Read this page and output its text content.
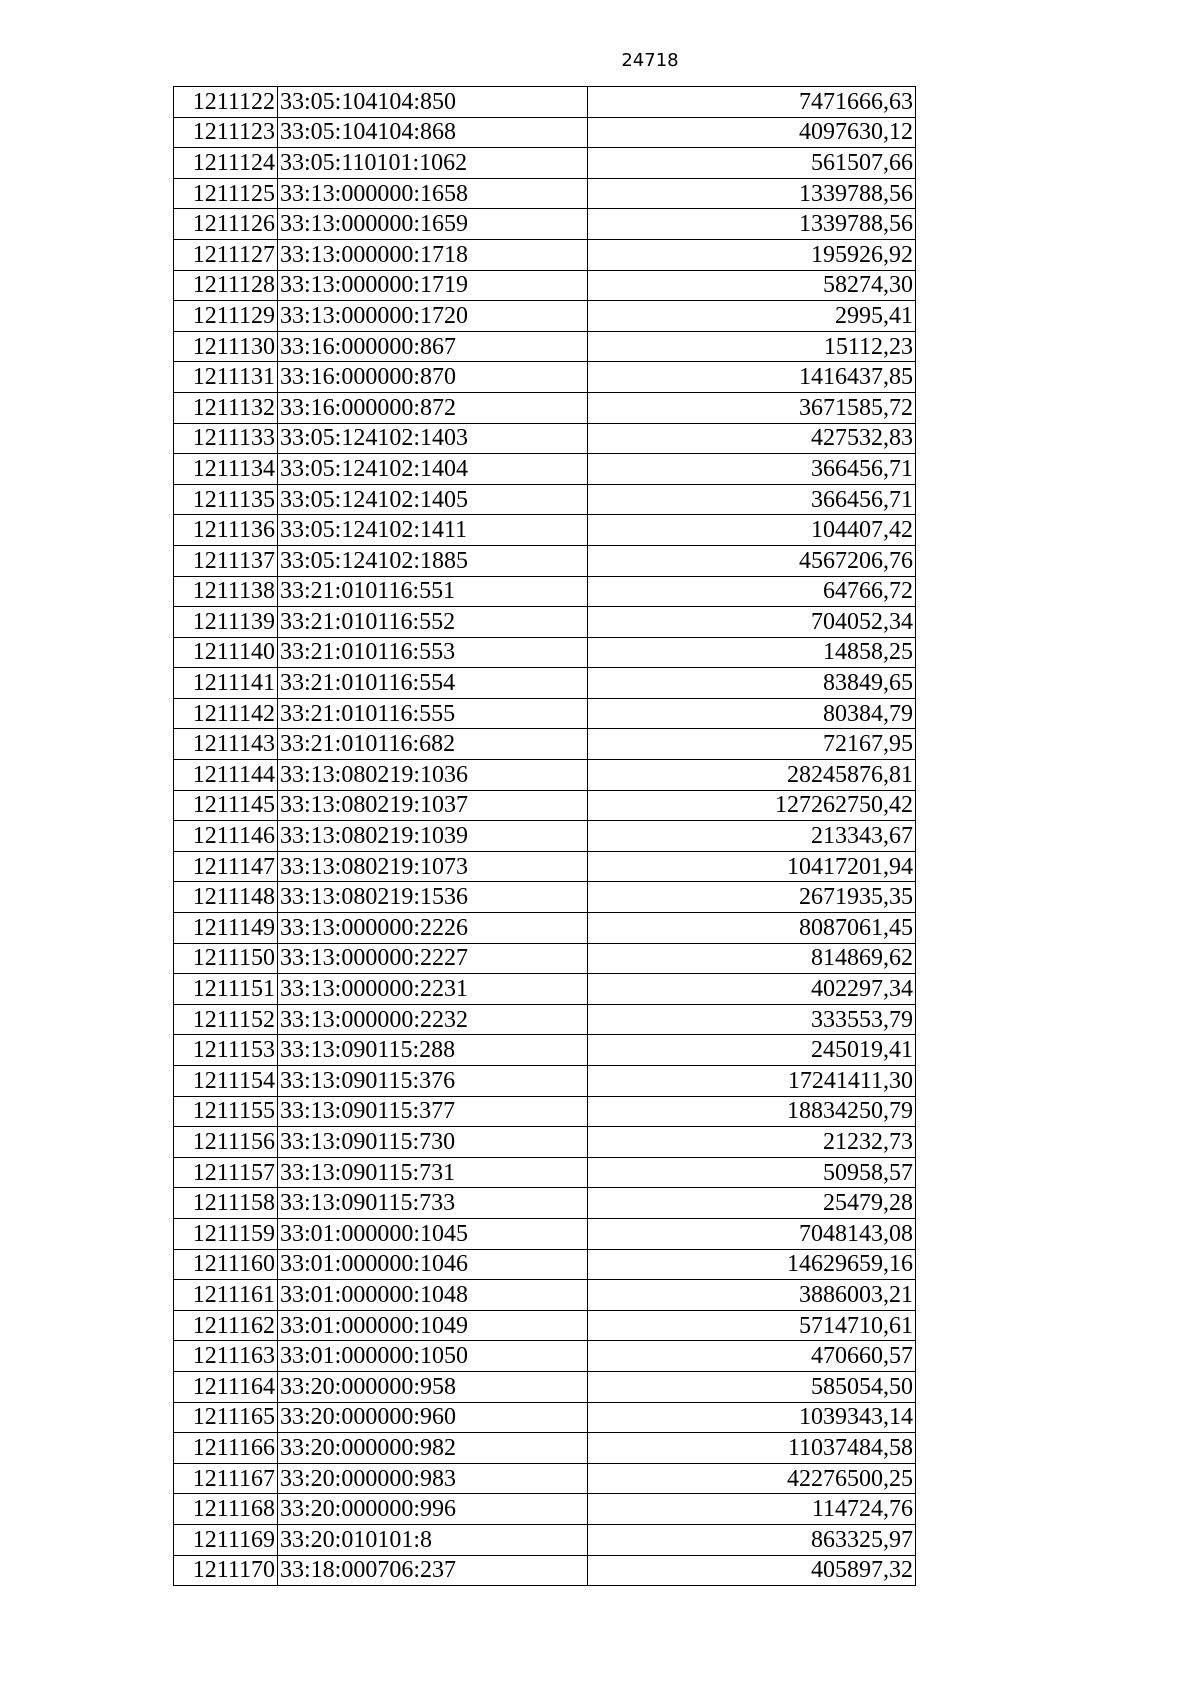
24718
1211122	33:05:104104:850	7471666,63
1211123	33:05:104104:868	4097630,12
1211124	33:05:110101:1062	561507,66
1211125	33:13:000000:1658	1339788,56
1211126	33:13:000000:1659	1339788,56
1211127	33:13:000000:1718	195926,92
1211128	33:13:000000:1719	58274,30
1211129	33:13:000000:1720	2995,41
1211130	33:16:000000:867	15112,23
1211131	33:16:000000:870	1416437,85
1211132	33:16:000000:872	3671585,72
1211133	33:05:124102:1403	427532,83
1211134	33:05:124102:1404	366456,71
1211135	33:05:124102:1405	366456,71
1211136	33:05:124102:1411	104407,42
1211137	33:05:124102:1885	4567206,76
1211138	33:21:010116:551	64766,72
1211139	33:21:010116:552	704052,34
1211140	33:21:010116:553	14858,25
1211141	33:21:010116:554	83849,65
1211142	33:21:010116:555	80384,79
1211143	33:21:010116:682	72167,95
1211144	33:13:080219:1036	28245876,81
1211145	33:13:080219:1037	127262750,42
1211146	33:13:080219:1039	213343,67
1211147	33:13:080219:1073	10417201,94
1211148	33:13:080219:1536	2671935,35
1211149	33:13:000000:2226	8087061,45
1211150	33:13:000000:2227	814869,62
1211151	33:13:000000:2231	402297,34
1211152	33:13:000000:2232	333553,79
1211153	33:13:090115:288	245019,41
1211154	33:13:090115:376	17241411,30
1211155	33:13:090115:377	18834250,79
1211156	33:13:090115:730	21232,73
1211157	33:13:090115:731	50958,57
1211158	33:13:090115:733	25479,28
1211159	33:01:000000:1045	7048143,08
1211160	33:01:000000:1046	14629659,16
1211161	33:01:000000:1048	3886003,21
1211162	33:01:000000:1049	5714710,61
1211163	33:01:000000:1050	470660,57
1211164	33:20:000000:958	585054,50
1211165	33:20:000000:960	1039343,14
1211166	33:20:000000:982	11037484,58
1211167	33:20:000000:983	42276500,25
1211168	33:20:000000:996	114724,76
1211169	33:20:010101:8	863325,97
1211170	33:18:000706:237	405897,32
